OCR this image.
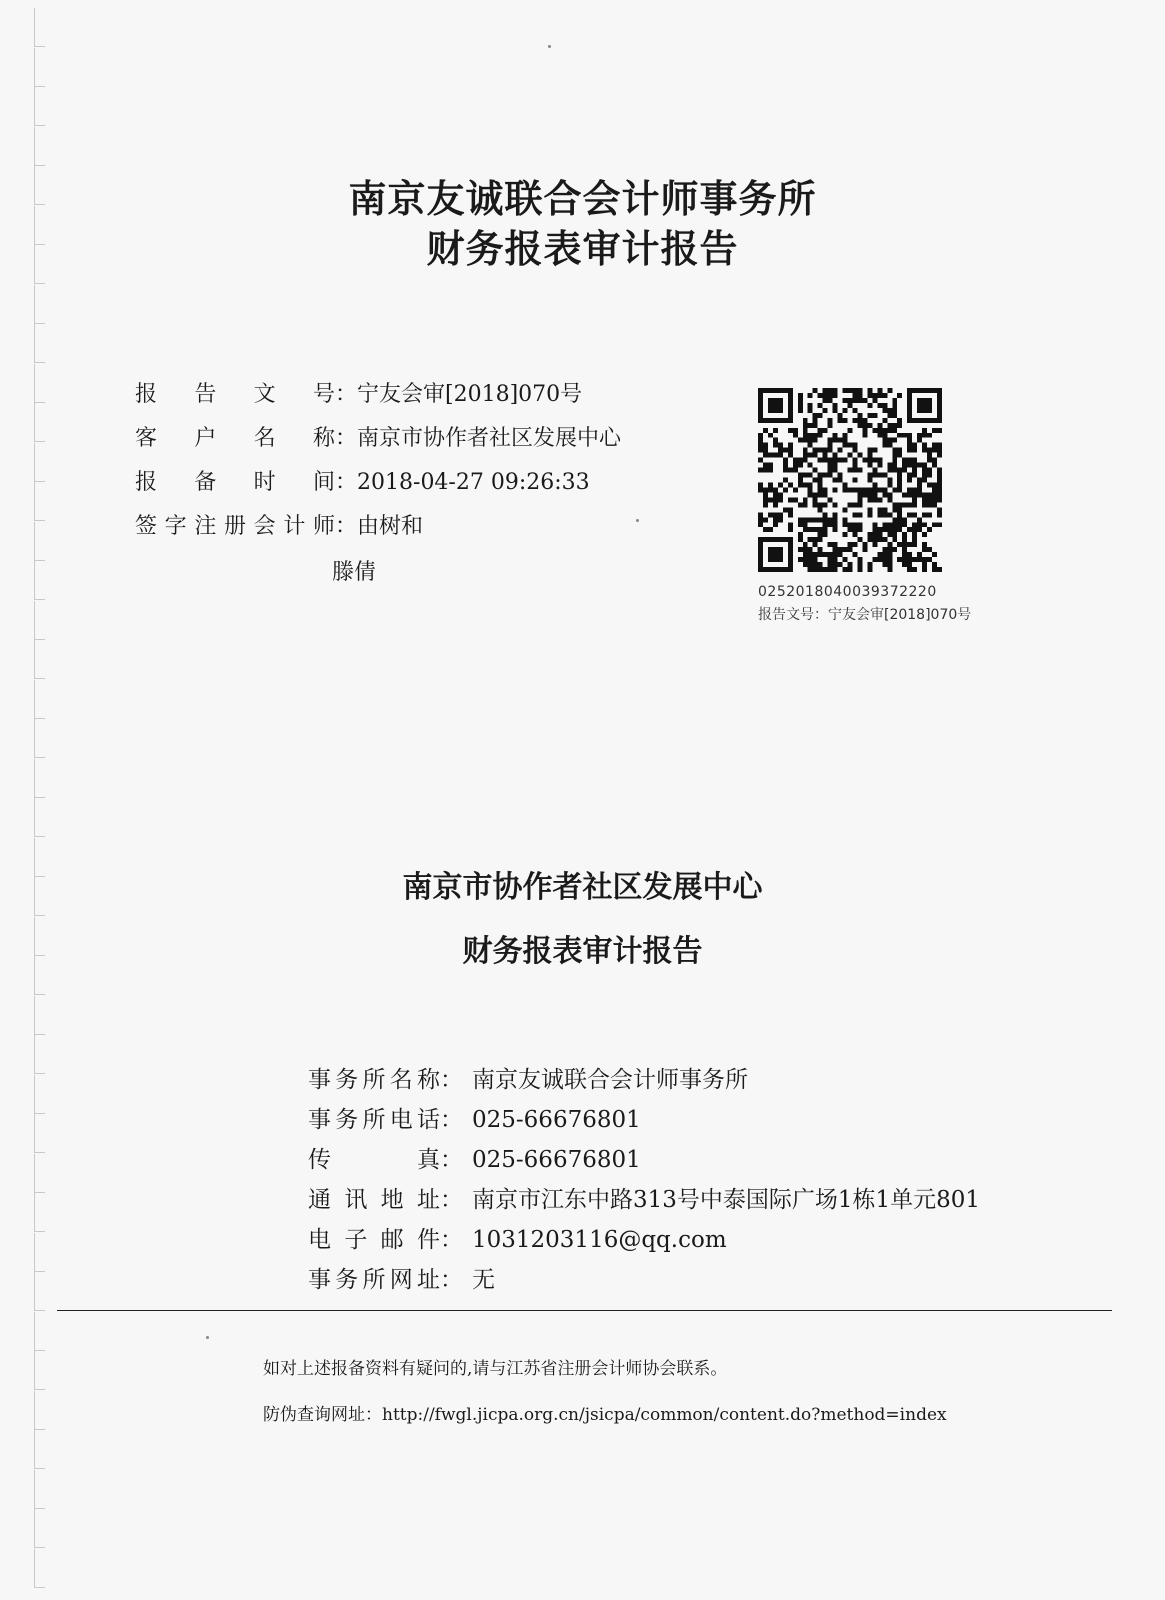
南京友诚联合会计师事务所
财务报表审计报告
报告文号：宁友会审[2018]070号
客户名称：南京市协作者社区发展中心
报备时间：2018-04-27 09:26:33
签字注册会计师：由树和
滕倩
0252018040039372220
报告文号：宁友会审[2018]070号
南京市协作者社区发展中心
财务报表审计报告
事务所名称： 南京友诚联合会计师事务所
事务所电话： 025-66676801
传真： 025-66676801
通讯地址： 南京市江东中路313号中泰国际广场1栋1单元801
电子邮件： 1031203116@qq.com
事务所网址： 无
如对上述报备资料有疑问的,请与江苏省注册会计师协会联系。
防伪查询网址：http://fwgl.jicpa.org.cn/jsicpa/common/content.do?method=index
